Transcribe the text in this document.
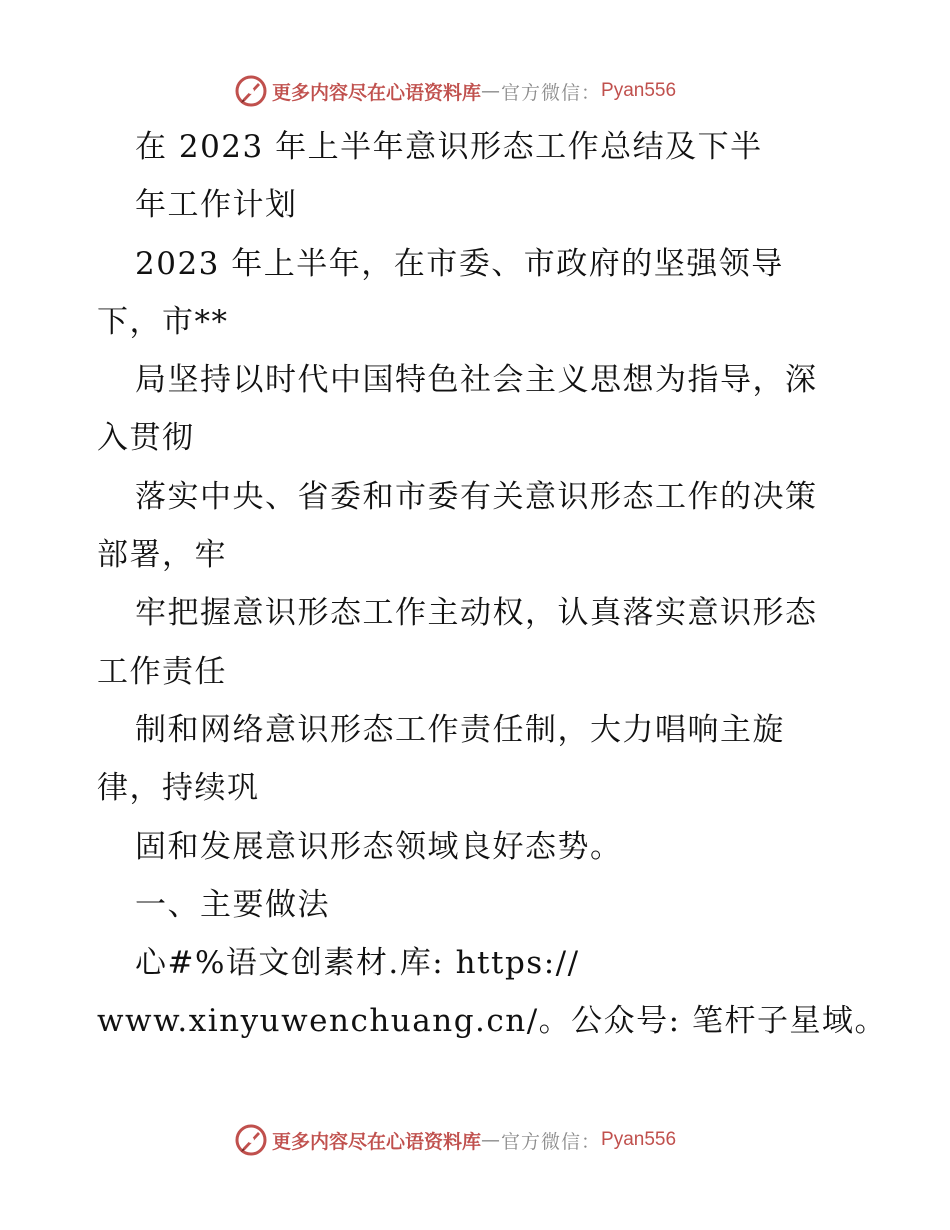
更多内容尽在心语资料库 — 官方微信： Pyan556
在 2023 年上半年意识形态工作总结及下半
年工作计划
2023 年上半年，在市委、市政府的坚强领导
下，市**
局坚持以时代中国特色社会主义思想为指导，深
入贯彻
落实中央、省委和市委有关意识形态工作的决策
部署，牢
牢把握意识形态工作主动权，认真落实意识形态
工作责任
制和网络意识形态工作责任制，大力唱响主旋
律，持续巩
固和发展意识形态领域良好态势。
一、主要做法
心#%语文创素材.库: https://
www.xinyuwenchuang.cn/。公众号: 笔杆子星域。
更多内容尽在心语资料库 — 官方微信： Pyan556
